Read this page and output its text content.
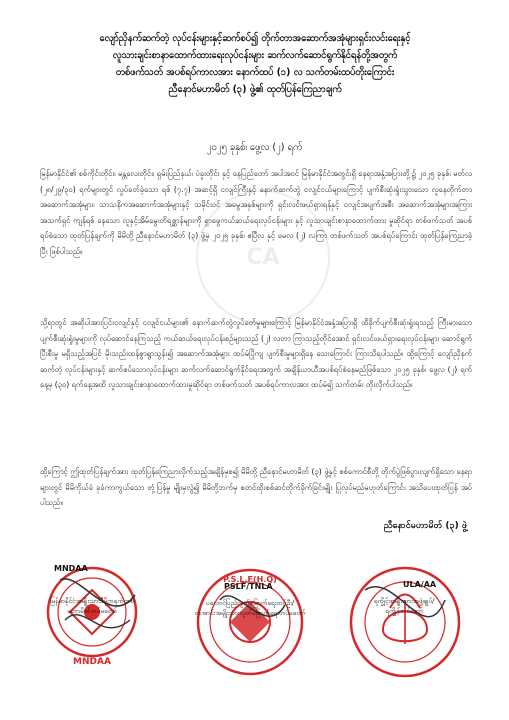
CA
လျော်ညှိနက်ဆက်တဲ့ လုပ်ငန်းများနှင့်ဆက်စပ်၍ တိုက်တာအဆောက်အအုံများရှင်းလင်းရေးနှင့်
လူသားချင်းစာနာထောက်ထားရေးလုပ်ငန်းများ ဆက်လက်ဆောင်ရွက်နိုင်ရန်တို့အတွက်
တစ်ဖက်သတ် အပစ်ရပ်ကာလအား နောက်ထပ် (၁) လ သက်တမ်းထပ်တိုးကြောင်း
ညီနောင်မဟာမိတ် (၃) ဖွဲ့၏ ထုတ်ပြန်ကြေညာချက်
၂၀၂၅ ခုနှစ်၊ ဖွေ့လ (၂) ရက်
မြန်မာနိုင်ငံ၏ စစ်ကိုင်းတိုင်း၊ မန္တလေးတိုင်း၊ ရှမ်းပြည်နယ်၊ ပဲခူးတိုင်း နှင့် နေပြည်တော် အပါအဝင် မြန်မာနိုင်ငံအတွင်းရှိ နေရာအနှံ့အပြားတို့၌ ၂၀၂၅ ခုနှစ်၊ မတ်လ (၂၈/၂၉/၃၀) ရက်များတွင် လှုပ်ခတ်ခဲ့သော ရစ် (၇.၇) အဆင့်ရှိ ငလျင်ကြီးနှင့် နောက်ဆက်တွဲ ငလျင်ငယ်များကြောင့် ပျက်စီးဆုံးရှုံးသွားသော လူနေတိုက်တာအဆောက်အအုံများ၊ သာသနိကအဆောက်အအုံများနှင့် သမိုင်းဝင် အမွေအနှစ်များကို ရှင်းလင်းဖယ်ရှားရန်နှင့် ငလျင်အပျက်အစီး အဆောက်အအုံများအကြား အသက်ရှင် ကျန်ရစ် နေသော လူနှင့်အိမ်မွေးတိရစ္ဆာန်များကို ရှာဖွေကယ်ဆယ်ရေးလုပ်ငန်းများ နှင့် လူသားချင်းစာနာထောက်ထား မှုဆိုင်ရာ တစ်ဖက်သတ် အပစ်ရပ်စဲသော ထုတ်ပြန်ချက်ကို မိမိတို့ ညီနောင်မဟာမိတ် (၃) ဖွဲ့မှ ၂၀၂၅ ခုနှစ်၊ ဧပြီလ နှင့် မေလ (၂) လကြာ တစ်ဖက်သတ် အပစ်ရပ်ကြောင်း ထုတ်ပြန်ကြေညာခဲ့ပြီး ဖြစ်ပါသည်။
သို့ရာတွင် အဆိုပါအားပြင်းငလျင်နှင့် ငလျင်ငယ်များ၏ နောက်ဆက်တွဲလှုပ်ခတ်မှုများကြောင့် မြန်မာနိုင်ငံအနှံ့အပြားရှိ ထိခိုက်ပျက်စီးဆုံးရှုံးရသည့် ကြီးမားသော ပျက်စီးဆုံးရှုံးမှုများကို လုပ်ဆောင်နေကြသည့် ကယ်ဆယ်ရေးလုပ်ငန်းစဉ်များသည် (၂) လတာ ကြာသည့်တိုင်အောင် ရှင်းလင်းဖယ်ရှားရေးလုပ်ငန်းများ ဆောင်ရွက်ပြီးစီးမှု မရှိသည့်အပြင် မိုးသည်းထန်စွာရွာသွန်း၍ အဆောက်အအုံများ ထပ်မံပြိုကျ ပျက်စီးမှုများရှိနေ သေးကြောင်း ကြားသိရပါသည်။ ထို့ကြောင့် လျော်ညှိနက်ဆက်တဲ့ လုပ်ငန်းများနှင့် ဆက်စပ်သောလုပ်ငန်းများ ဆက်လက်ဆောင်ရွက်နိုင်ရေးအတွက် အချိန်ယာယီအပစ်ရပ်စဲနေမည်ဖြစ်သော ၂၀၂၅ ခုနှစ်၊ ဖွေ့လ (၂) ရက်နေ့မှ (၃၀) ရက်နေ့အထိ လူသားချင်းစာနာထောက်ထားမှုဆိုင်ရာ တစ်ဖက်သတ် အပစ်ရပ်ကာလအား ထပ်မံ၍ သက်တမ်း တိုးလိုက်ပါသည်။
ထို့ကြောင့် ဤထုတ်ပြန်ချက်အား ထုတ်ပြန်ကြေညာလိုက်သည့်အချိန်မှစ၍ မိမိတို့ ညီနောင်မဟာမိတ် (၃) ဖွဲ့နှင့် စစ်ကောင်စီတို့ တိုက်ပွဲဖြစ်ပွားလျက်ရှိသော နေရာများတွင် မိမိကိုယ်ခံ ခုခံကာကွယ်သော တုံ့ပြန်မှု မျိုးမှလွဲ၍ မိမိတို့ဘက်မှ စတင်ထိုးစစ်ဆင်တိုက်ခိုက်ခြင်းမျိုး ပြုလုပ်မည်မဟုတ်ကြောင်း အသိပေးထုတ်ပြန် အပ်ပါသည်။
ညီနောင်မဟာမိတ် (၃) ဖွဲ့
MNDAA
MNDAA
မြန်မာနိုင်ငံအမျိုးသားဒီမိုကရက်တစ်
မဟာမိတ်တပ်မတော်
P.S.L.F(H.Q)
PSLF/TNLA
ပလောင်ပြည်လွတ်မြောက်ရေးတပ်ဦး/
တအာင်းအမျိုးသားလွတ်မြောက်ရေးတပ်မတော်
ULA/AA
ရက္ခိုင့်အမျိုးသားအဖွဲ့ချုပ်/
ရက္ခိုင့်တပ်တော်
